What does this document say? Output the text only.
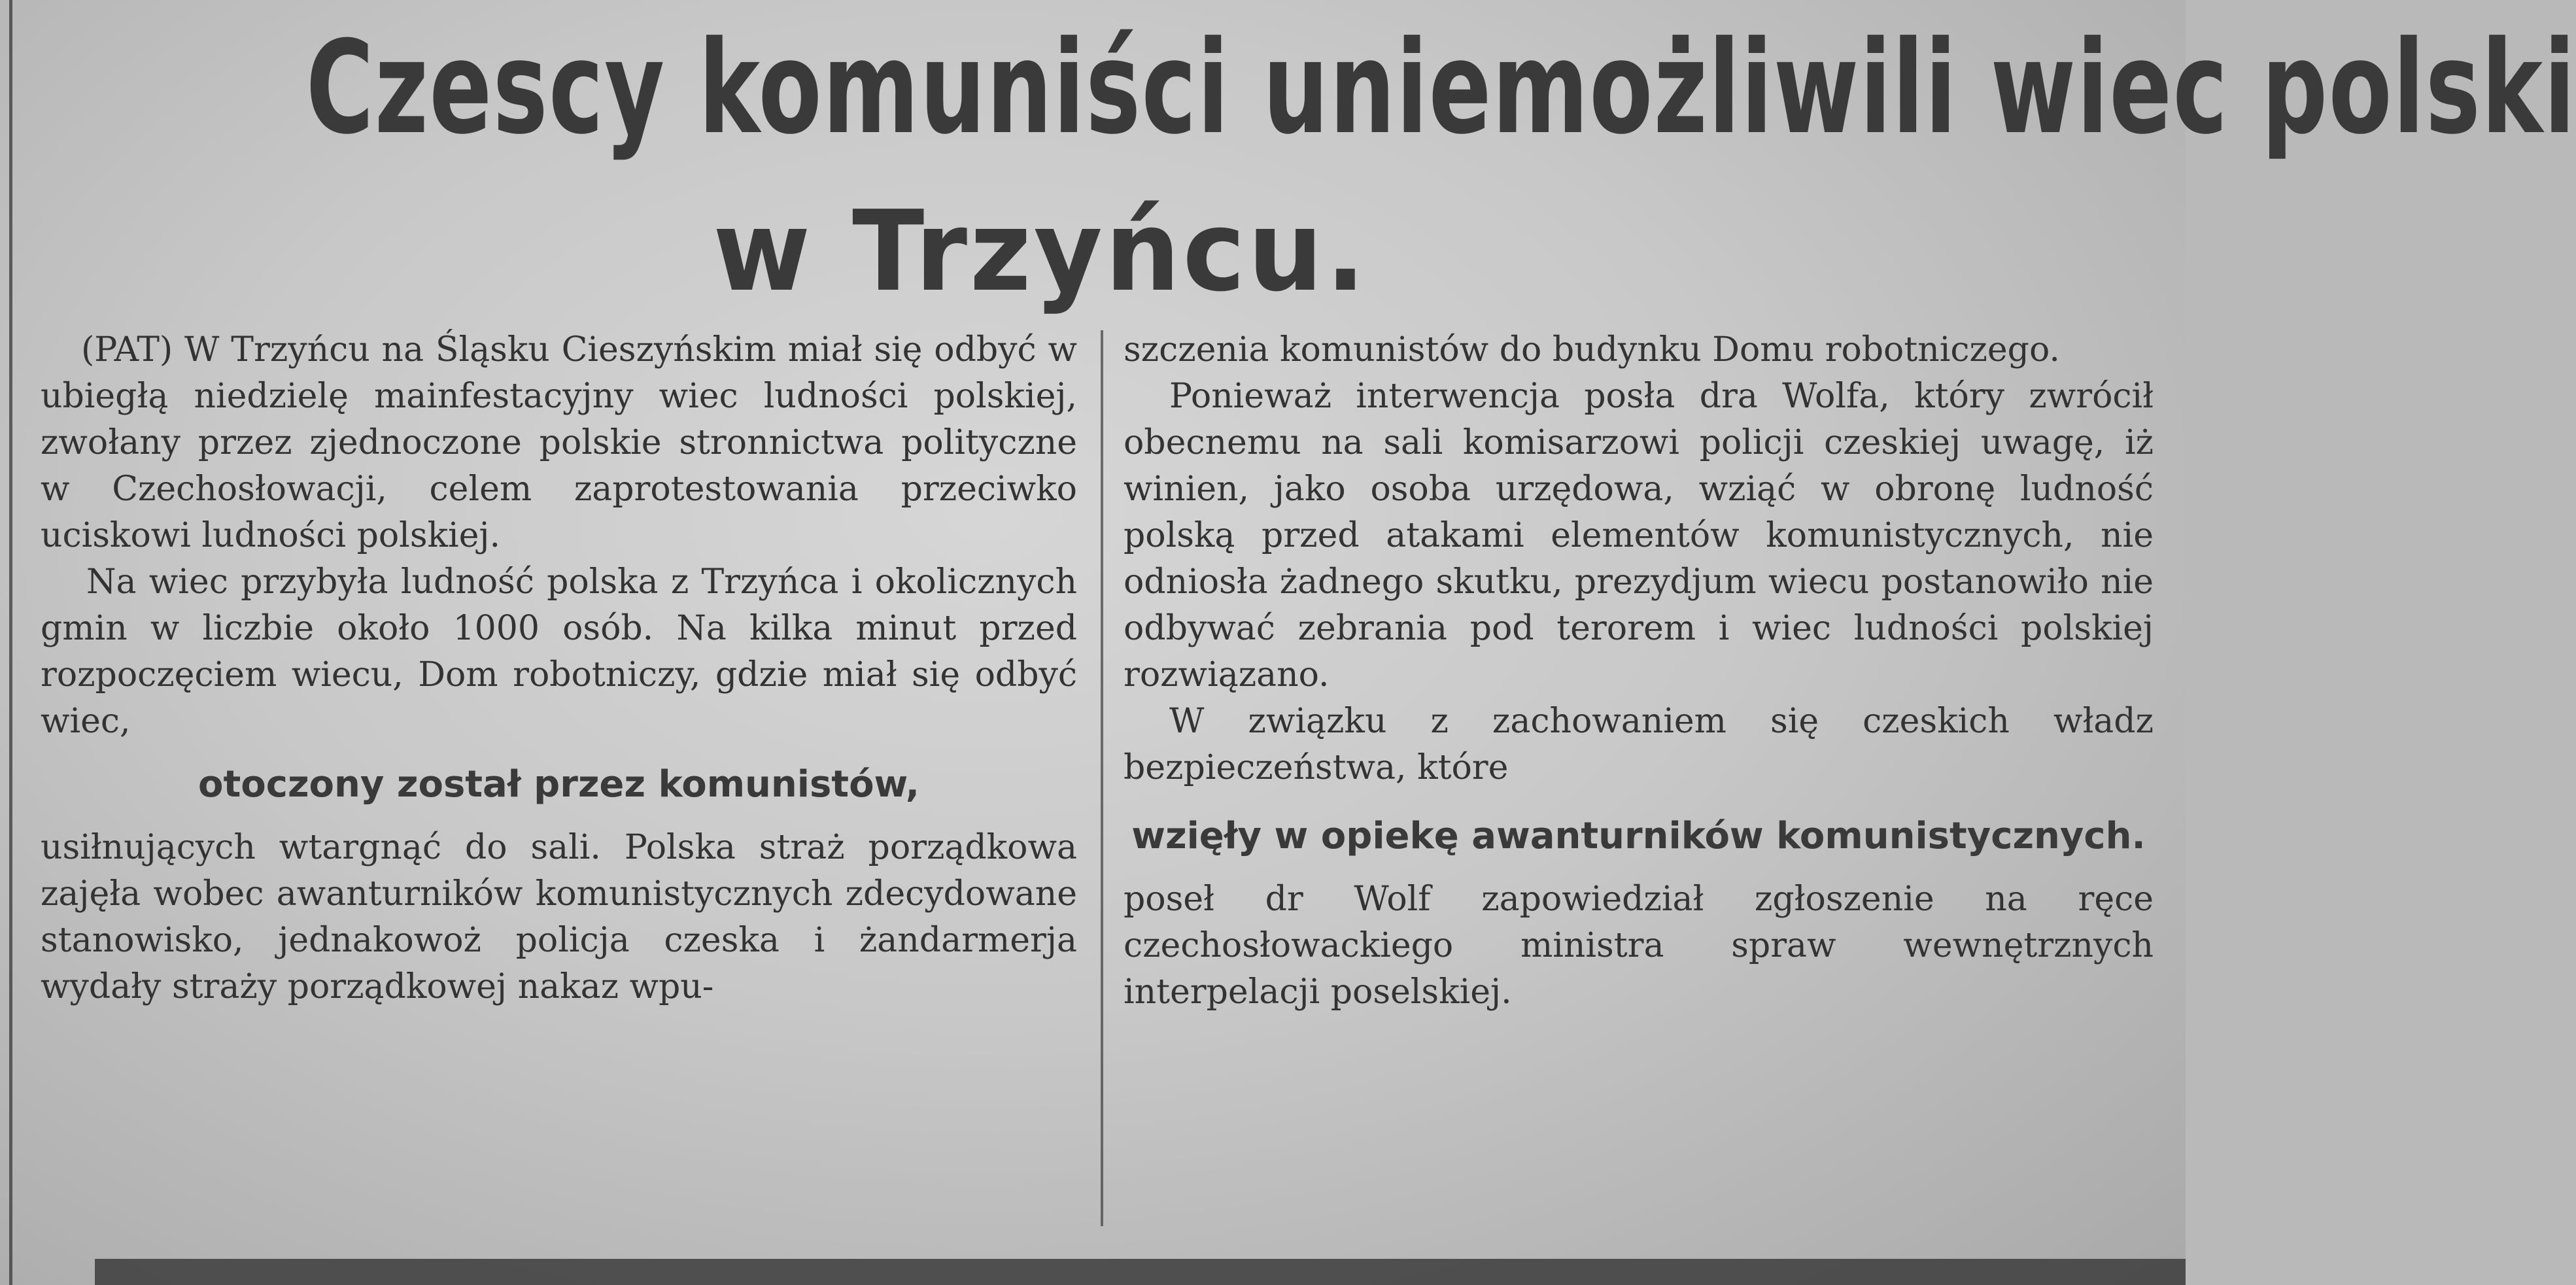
Czescy komuniści uniemożliwili wiec polski
w Trzyńcu.

(PAT) W Trzyńcu na Śląsku Cieszyńskim miał się odbyć w ubiegłą niedzielę mainfestacyjny wiec ludności polskiej, zwołany przez zjednoczone polskie stronnictwa polityczne w Czechosłowacji, celem zaprotestowania przeciwko uciskowi ludności polskiej.

Na wiec przybyła ludność polska z Trzyńca i okolicznych gmin w liczbie około 1000 osób. Na kilka minut przed rozpoczęciem wiecu, Dom robotniczy, gdzie miał się odbyć wiec,

otoczony został przez komunistów,

usiłnujących wtargnąć do sali. Polska straż porządkowa zajęła wobec awanturników komunistycznych zdecydowane stanowisko, jednakowoż policja czeska i żandarmerja wydały straży porządkowej nakaz wpu-

szczenia komunistów do budynku Domu robotniczego.

Ponieważ interwencja posła dra Wolfa, który zwrócił obecnemu na sali komisarzowi policji czeskiej uwagę, iż winien, jako osoba urzędowa, wziąć w obronę ludność polską przed atakami elementów komunistycznych, nie odniosła żadnego skutku, prezydjum wiecu postanowiło nie odbywać zebrania pod terorem i wiec ludności polskiej rozwiązano.

W związku z zachowaniem się czeskich władz bezpieczeństwa, które

wzięły w opiekę awanturników komunistycznych.

poseł dr Wolf zapowiedział zgłoszenie na ręce czechosłowackiego ministra spraw wewnętrznych interpelacji poselskiej.
